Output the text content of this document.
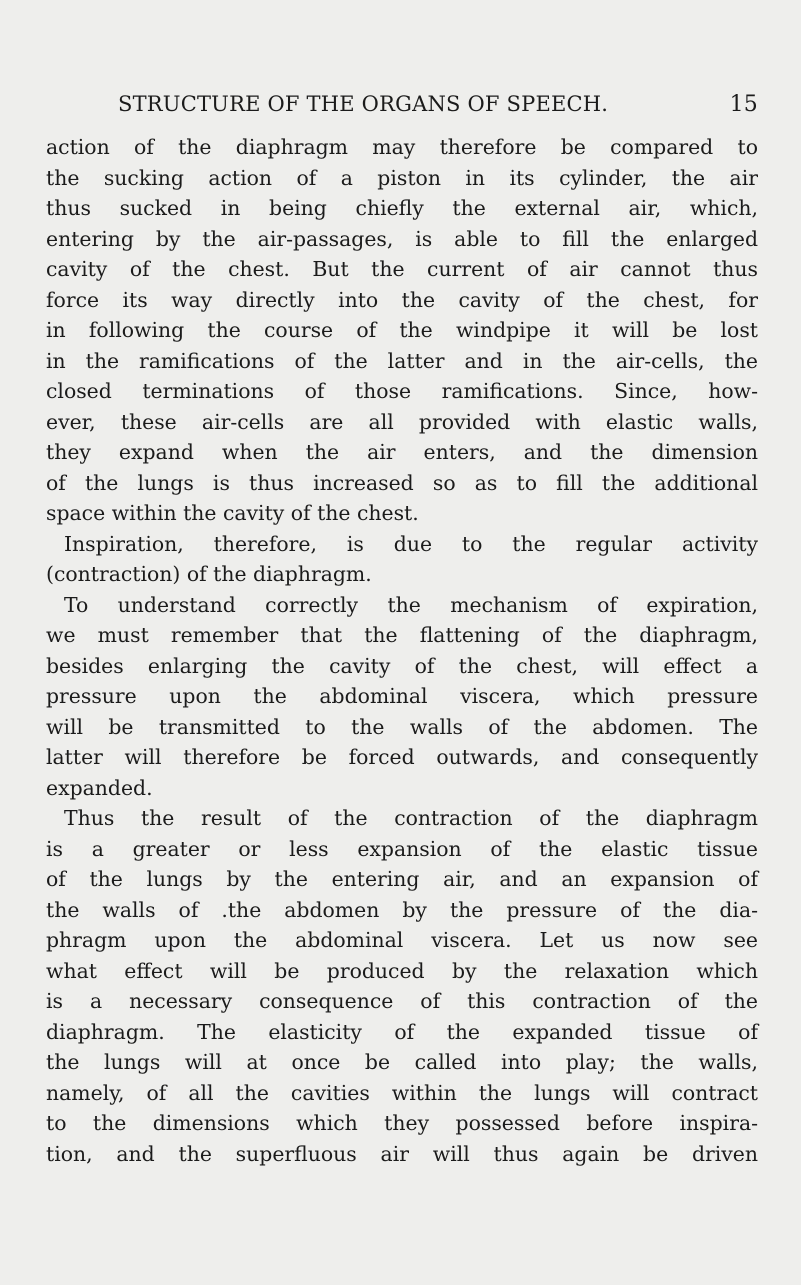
STRUCTURE OF THE ORGANS OF SPEECH.	15
action of the diaphragm may therefore be compared to
the sucking action of a piston in its cylinder, the air
thus sucked in being chiefly the external air, which,
entering by the air-passages, is able to fill the enlarged
cavity of the chest. But the current of air cannot thus
force its way directly into the cavity of the chest, for
in following the course of the windpipe it will be lost
in the ramifications of the latter and in the air-cells, the
closed terminations of those ramifications. Since, how-
ever, these air-cells are all provided with elastic walls,
they expand when the air enters, and the dimension
of the lungs is thus increased so as to fill the additional
space within the cavity of the chest.
Inspiration, therefore, is due to the regular activity
(contraction) of the diaphragm.
To understand correctly the mechanism of expiration,
we must remember that the flattening of the diaphragm,
besides enlarging the cavity of the chest, will effect a
pressure upon the abdominal viscera, which pressure
will be transmitted to the walls of the abdomen. The
latter will therefore be forced outwards, and consequently
expanded.
Thus the result of the contraction of the diaphragm
is a greater or less expansion of the elastic tissue
of the lungs by the entering air, and an expansion of
the walls of .the abdomen by the pressure of the dia-
phragm upon the abdominal viscera. Let us now see
what effect will be produced by the relaxation which
is a necessary consequence of this contraction of the
diaphragm. The elasticity of the expanded tissue of
the lungs will at once be called into play; the walls,
namely, of all the cavities within the lungs will contract
to the dimensions which they possessed before inspira-
tion, and the superfluous air will thus again be driven
